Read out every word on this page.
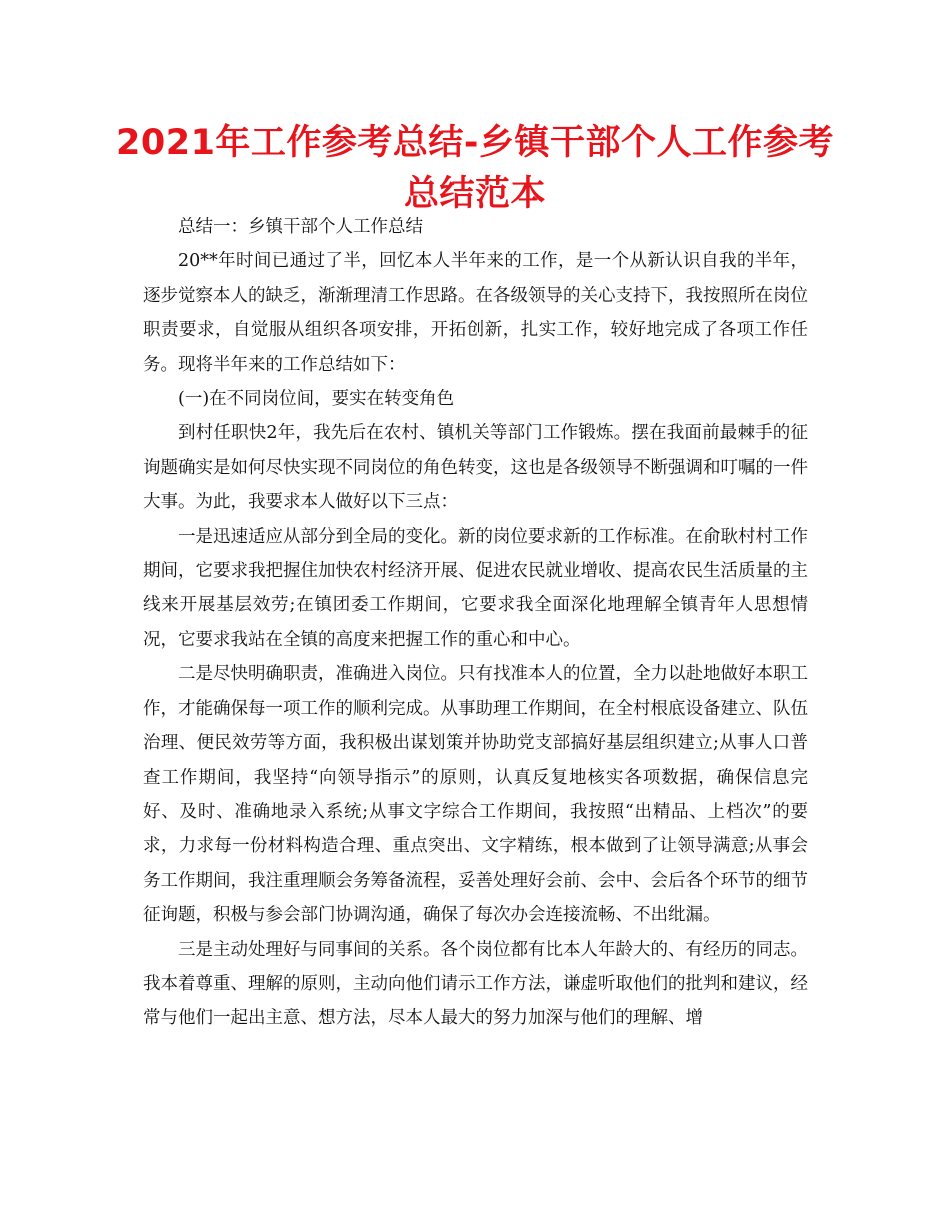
2021年工作参考总结-乡镇干部个人工作参考总结范本

总结一：乡镇干部个人工作总结

20**年时间已通过了半，回忆本人半年来的工作，是一个从新认识自我的半年，逐步觉察本人的缺乏，渐渐理清工作思路。在各级领导的关心支持下，我按照所在岗位职责要求，自觉服从组织各项安排，开拓创新，扎实工作，较好地完成了各项工作任务。现将半年来的工作总结如下：

(一)在不同岗位间，要实在转变角色

到村任职快2年，我先后在农村、镇机关等部门工作锻炼。摆在我面前最棘手的征询题确实是如何尽快实现不同岗位的角色转变，这也是各级领导不断强调和叮嘱的一件大事。为此，我要求本人做好以下三点：

一是迅速适应从部分到全局的变化。新的岗位要求新的工作标准。在俞耿村村工作期间，它要求我把握住加快农村经济开展、促进农民就业增收、提高农民生活质量的主线来开展基层效劳;在镇团委工作期间，它要求我全面深化地理解全镇青年人思想情况，它要求我站在全镇的高度来把握工作的重心和中心。

二是尽快明确职责，准确进入岗位。只有找准本人的位置，全力以赴地做好本职工作，才能确保每一项工作的顺利完成。从事助理工作期间，在全村根底设备建立、队伍治理、便民效劳等方面，我积极出谋划策并协助党支部搞好基层组织建立;从事人口普查工作期间，我坚持“向领导指示”的原则，认真反复地核实各项数据，确保信息完好、及时、准确地录入系统;从事文字综合工作期间，我按照“出精品、上档次”的要求，力求每一份材料构造合理、重点突出、文字精练，根本做到了让领导满意;从事会务工作期间，我注重理顺会务筹备流程，妥善处理好会前、会中、会后各个环节的细节征询题，积极与参会部门协调沟通，确保了每次办会连接流畅、不出纰漏。

三是主动处理好与同事间的关系。各个岗位都有比本人年龄大的、有经历的同志。我本着尊重、理解的原则，主动向他们请示工作方法，谦虚听取他们的批判和建议，经常与他们一起出主意、想方法，尽本人最大的努力加深与他们的理解、增
